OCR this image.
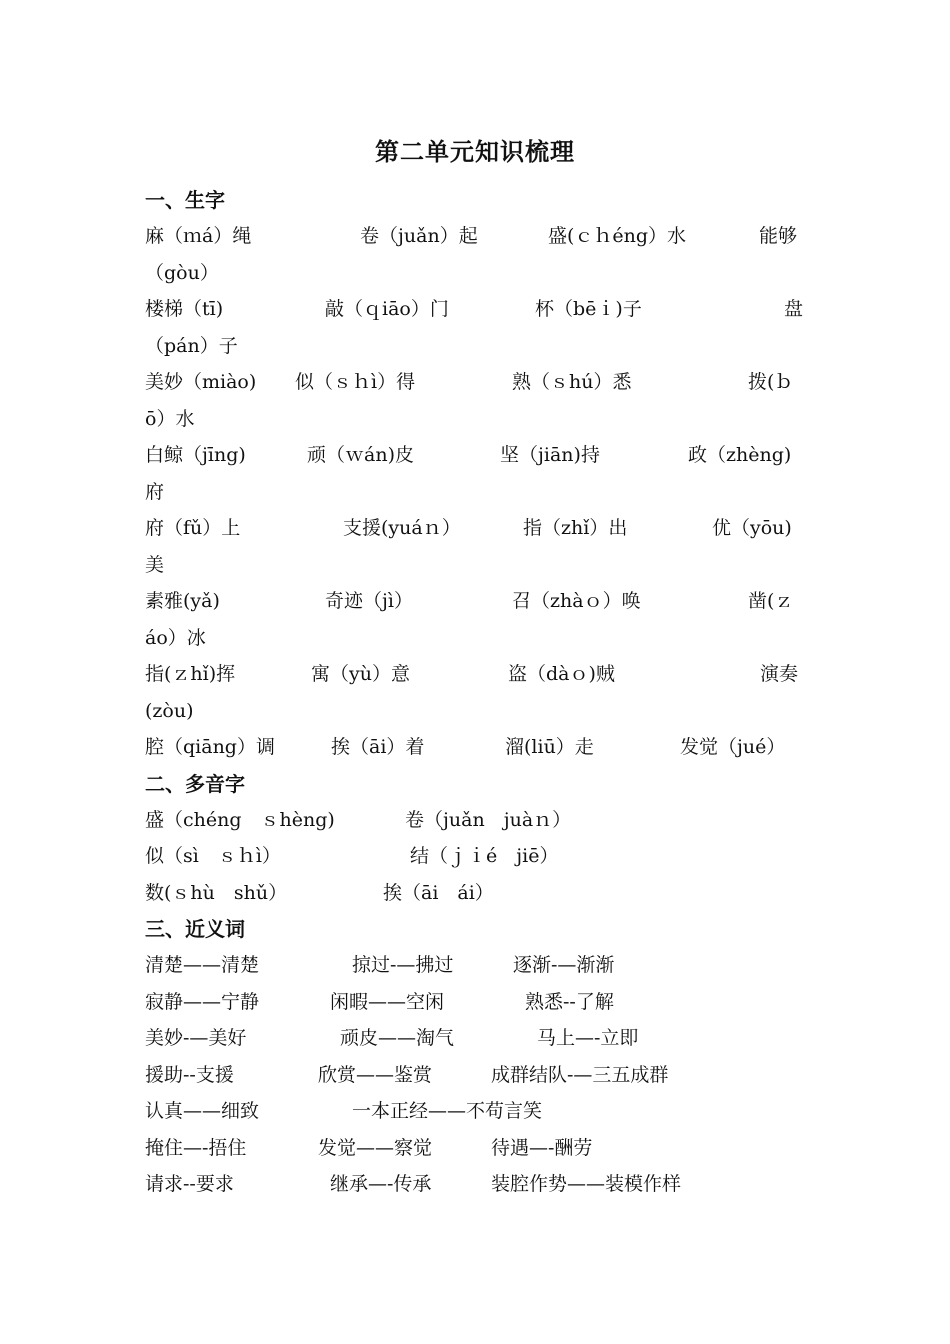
第二单元知识梳理
一、生字
麻（ｍá）绳	卷（juǎn）起	盛(ｃｈéng）水	能够
（gòu）
楼梯（tī)	敲（ｑiāo）门	杯（bēｉ)子	盘
（pán）子
美妙（miào) 似（ｓｈì）得	熟（ｓhú）悉	拨(ｂ
ō）水
白鲸（jīng)	顽（ｗán)皮	坚（jiān)持	政（zhèng)
府
府（fǔ）上	支援(yuáｎ）	指（zhǐ）出	优（yōu)
美
素雅(yǎ)	奇迹（jì）	召（zhàｏ）唤	凿(ｚ
áo）冰
指(ｚhǐ)挥	寓（yù）意	盗（dàｏ)贼	演奏
(zòu)
腔（qiāng）调	挨（āi）着	溜(liū）走	发觉（jué）
二、多音字
盛（chéng　ｓhèng)	卷（juǎn　juàｎ）
似（sì　ｓｈì）	结（ｊｉé　jiē）
数(ｓhù　shǔ）	挨（āi　ái）
三、近义词
清楚——清楚	掠过-—拂过	逐渐-—渐渐
寂静——宁静	闲暇——空闲	熟悉--了解
美妙-—美好	顽皮——淘气	马上—-立即
援助--支援	欣赏——鉴赏	成群结队-—三五成群
认真——细致	一本正经——不苟言笑
掩住—-捂住	发觉——察觉	待遇—-酬劳
请求--要求	继承—-传承	装腔作势——装模作样
